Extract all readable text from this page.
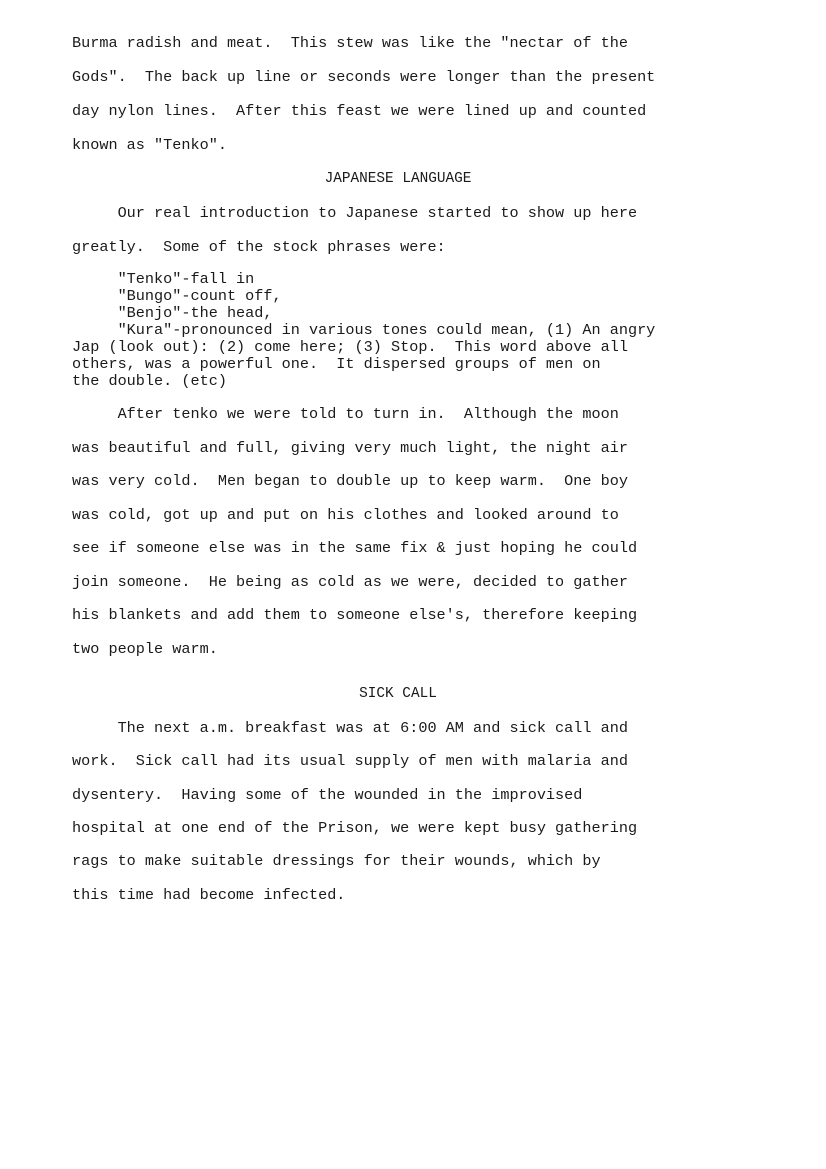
Burma radish and meat.  This stew was like the "nectar of the
Gods".  The back up line or seconds were longer than the present
day nylon lines.  After this feast we were lined up and counted
known as "Tenko".
JAPANESE LANGUAGE
Our real introduction to Japanese started to show up here
greatly.  Some of the stock phrases were:
"Tenko"-fall in
"Bungo"-count off,
"Benjo"-the head,
"Kura"-pronounced in various tones could mean, (1) An angry
Jap (look out): (2) come here; (3) Stop.  This word above all
others, was a powerful one.  It dispersed groups of men on
the double. (etc)
After tenko we were told to turn in.  Although the moon
was beautiful and full, giving very much light, the night air
was very cold.  Men began to double up to keep warm.  One boy
was cold, got up and put on his clothes and looked around to
see if someone else was in the same fix & just hoping he could
join someone.  He being as cold as we were, decided to gather
his blankets and add them to someone else's, therefore keeping
two people warm.
SICK CALL
The next a.m. breakfast was at 6:00 AM and sick call and
work.  Sick call had its usual supply of men with malaria and
dysentery.  Having some of the wounded in the improvised
hospital at one end of the Prison, we were kept busy gathering
rags to make suitable dressings for their wounds, which by
this time had become infected.
